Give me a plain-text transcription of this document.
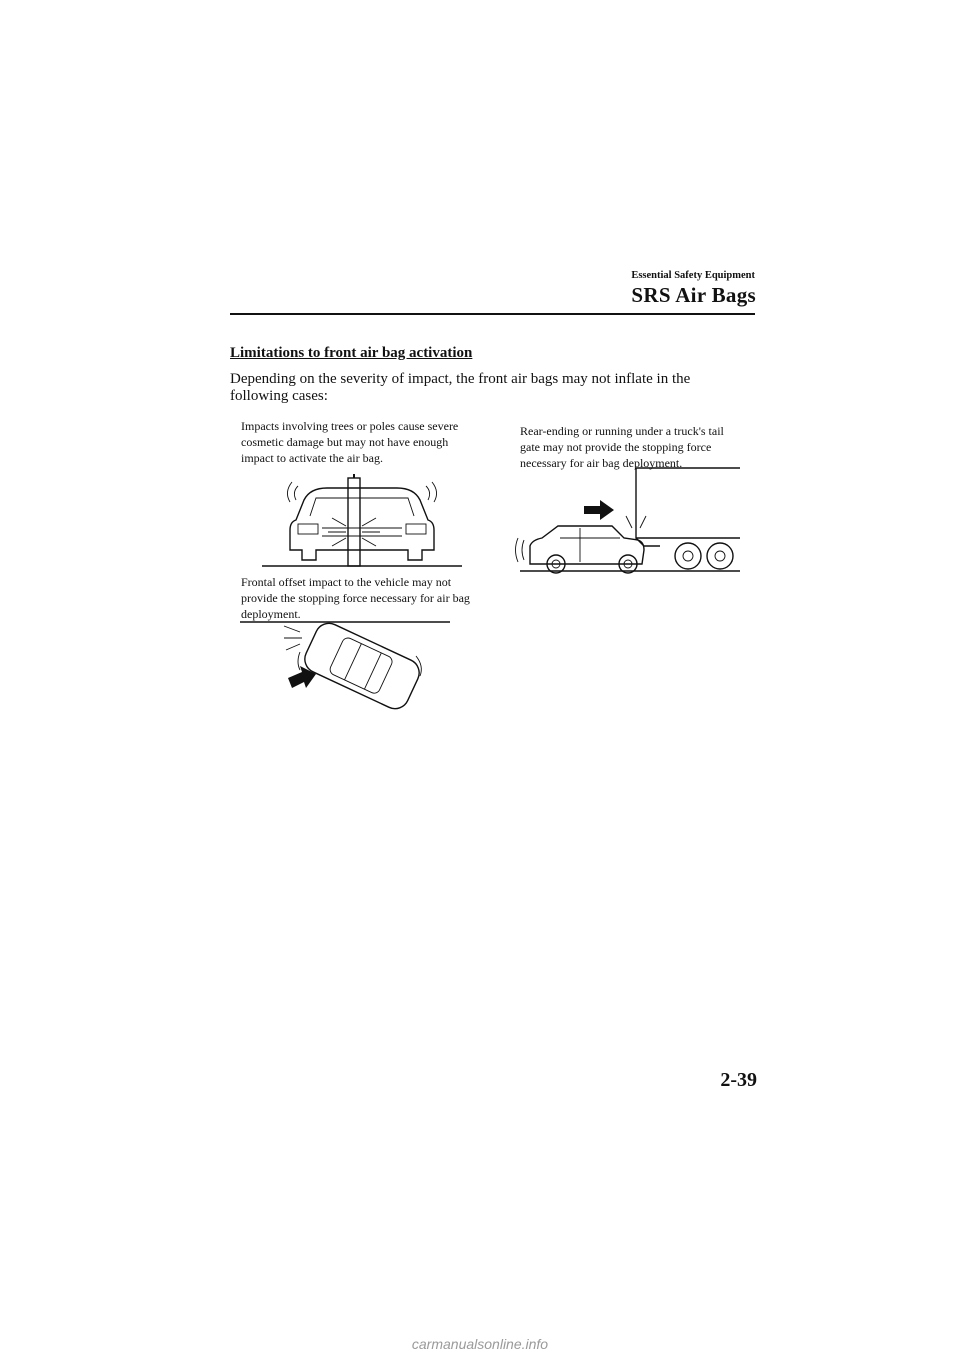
Essential Safety Equipment
SRS Air Bags
Limitations to front air bag activation
Depending on the severity of impact, the front air bags may not inflate in the following cases:
Impacts involving trees or poles cause severe cosmetic damage but may not have enough impact to activate the air bag.
Rear-ending or running under a truck's tail gate may not provide the stopping force necessary for air bag deployment.
Frontal offset impact to the vehicle may not provide the stopping force necessary for air bag deployment.
2-39
carmanualsonline.info
